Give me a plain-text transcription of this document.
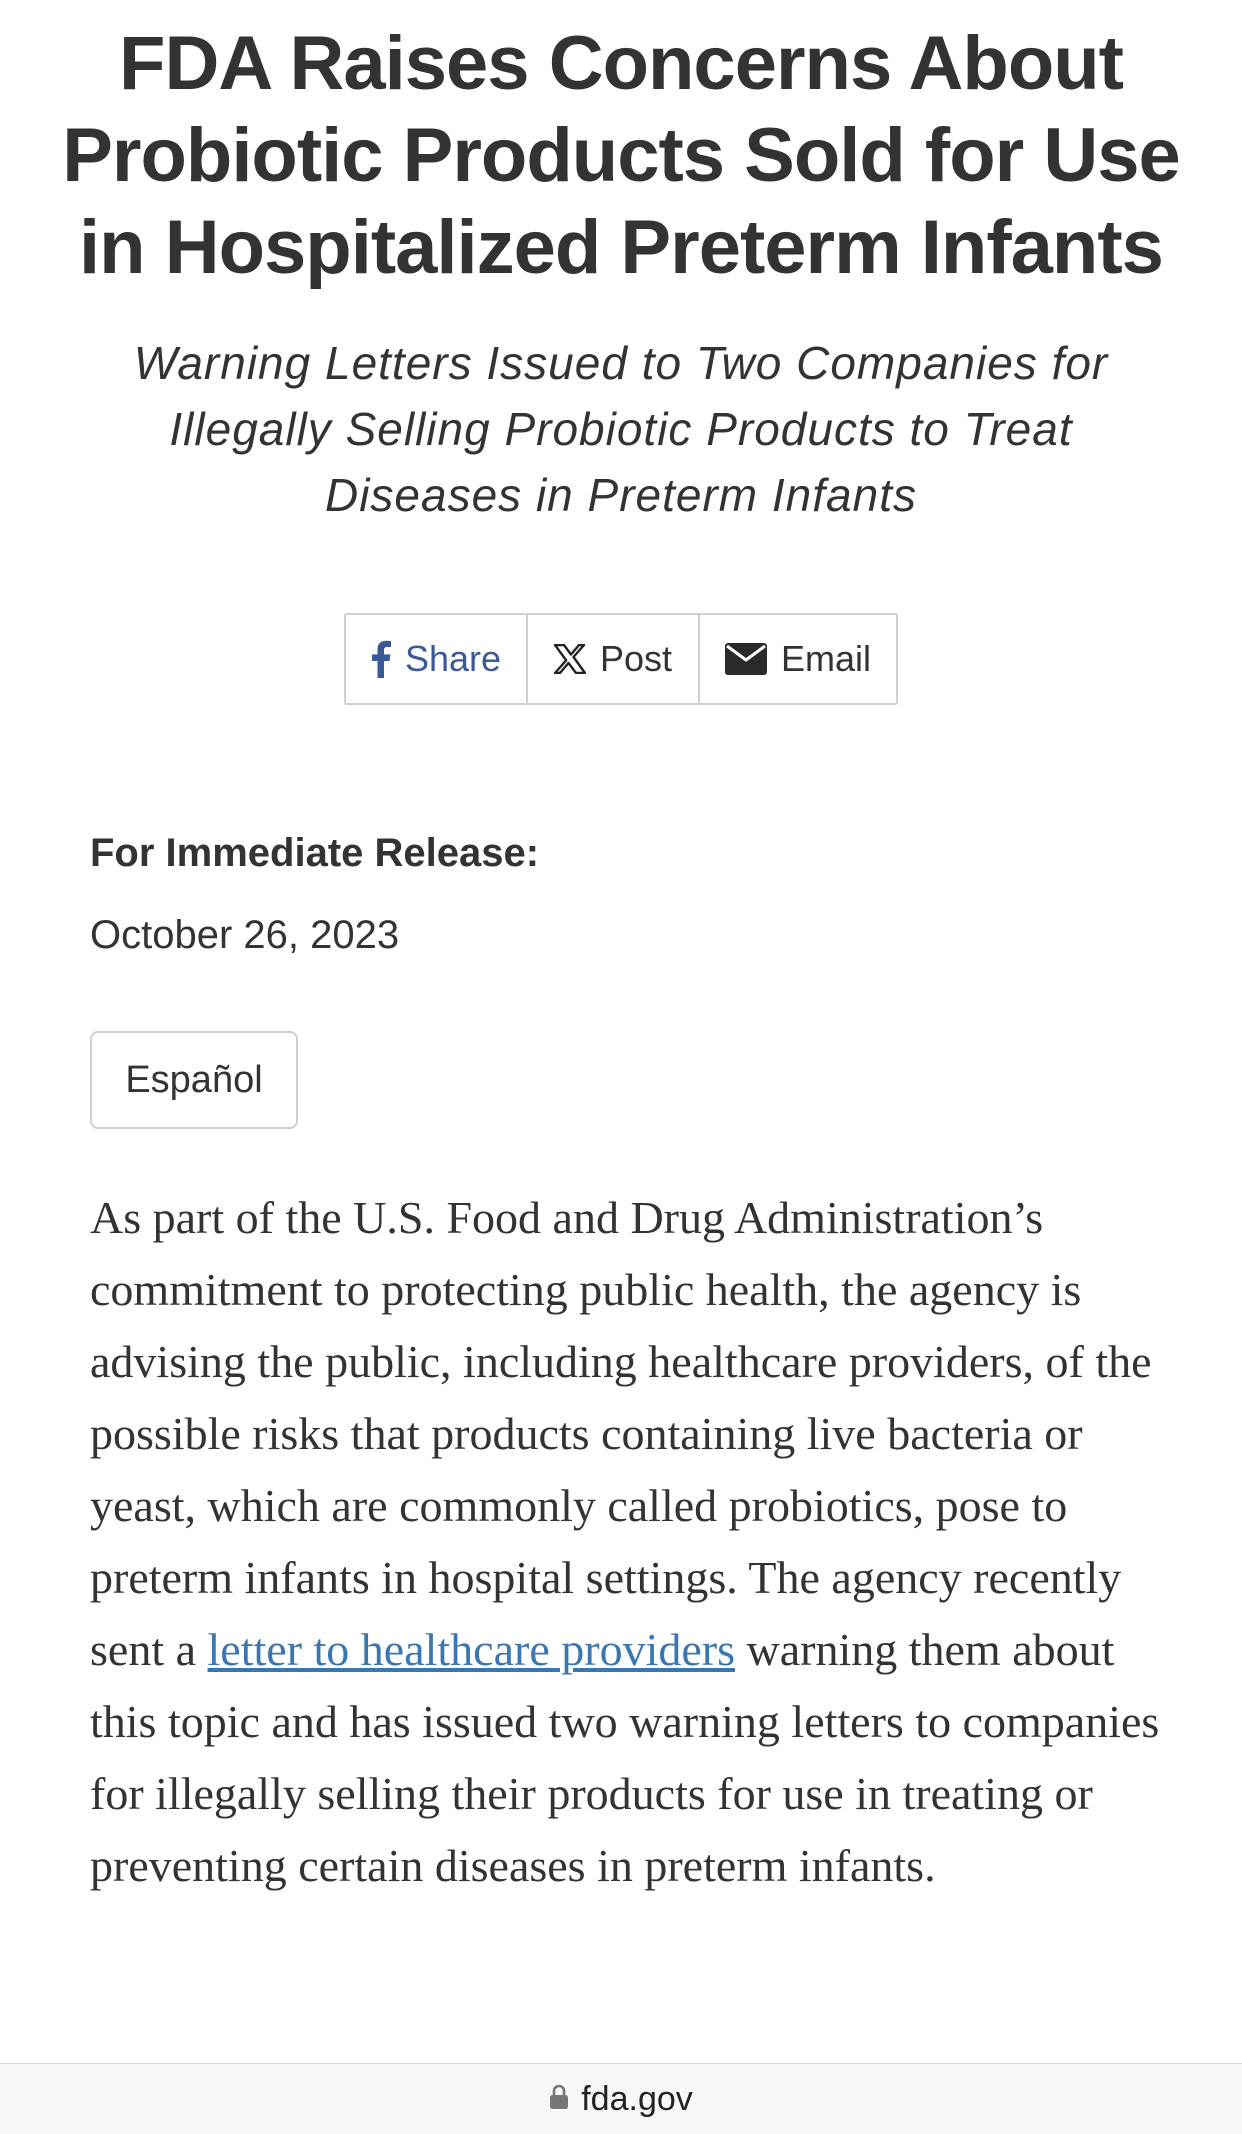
FDA Raises Concerns About Probiotic Products Sold for Use in Hospitalized Preterm Infants

Warning Letters Issued to Two Companies for Illegally Selling Probiotic Products to Treat Diseases in Preterm Infants

Share	Post	Email
For Immediate Release:
October 26, 2023
Español

As part of the U.S. Food and Drug Administration’s commitment to protecting public health, the agency is advising the public, including healthcare providers, of the possible risks that products containing live bacteria or yeast, which are commonly called probiotics, pose to preterm infants in hospital settings. The agency recently sent a letter to healthcare providers warning them about this topic and has issued two warning letters to companies for illegally selling their products for use in treating or preventing certain diseases in preterm infants.

fda.gov
